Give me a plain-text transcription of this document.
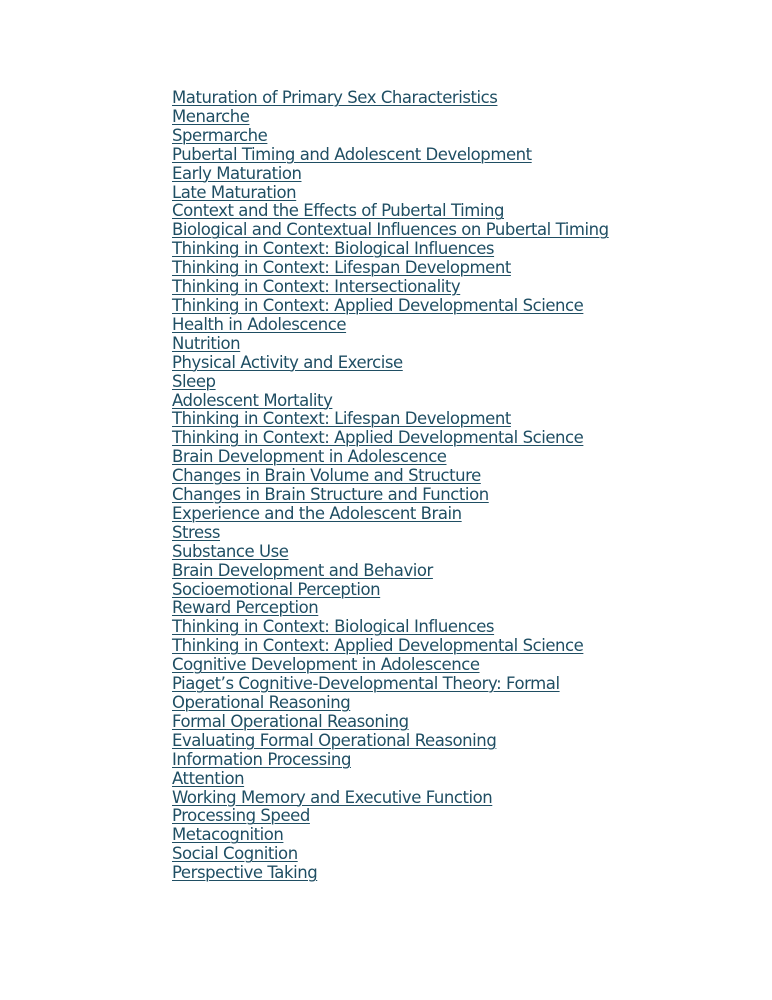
Maturation of Primary Sex Characteristics
Menarche
Spermarche
Pubertal Timing and Adolescent Development
Early Maturation
Late Maturation
Context and the Effects of Pubertal Timing
Biological and Contextual Influences on Pubertal Timing
Thinking in Context: Biological Influences
Thinking in Context: Lifespan Development
Thinking in Context: Intersectionality
Thinking in Context: Applied Developmental Science
Health in Adolescence
Nutrition
Physical Activity and Exercise
Sleep
Adolescent Mortality
Thinking in Context: Lifespan Development
Thinking in Context: Applied Developmental Science
Brain Development in Adolescence
Changes in Brain Volume and Structure
Changes in Brain Structure and Function
Experience and the Adolescent Brain
Stress
Substance Use
Brain Development and Behavior
Socioemotional Perception
Reward Perception
Thinking in Context: Biological Influences
Thinking in Context: Applied Developmental Science
Cognitive Development in Adolescence
Piaget’s Cognitive-Developmental Theory: Formal Operational Reasoning
Formal Operational Reasoning
Evaluating Formal Operational Reasoning
Information Processing
Attention
Working Memory and Executive Function
Processing Speed
Metacognition
Social Cognition
Perspective Taking
